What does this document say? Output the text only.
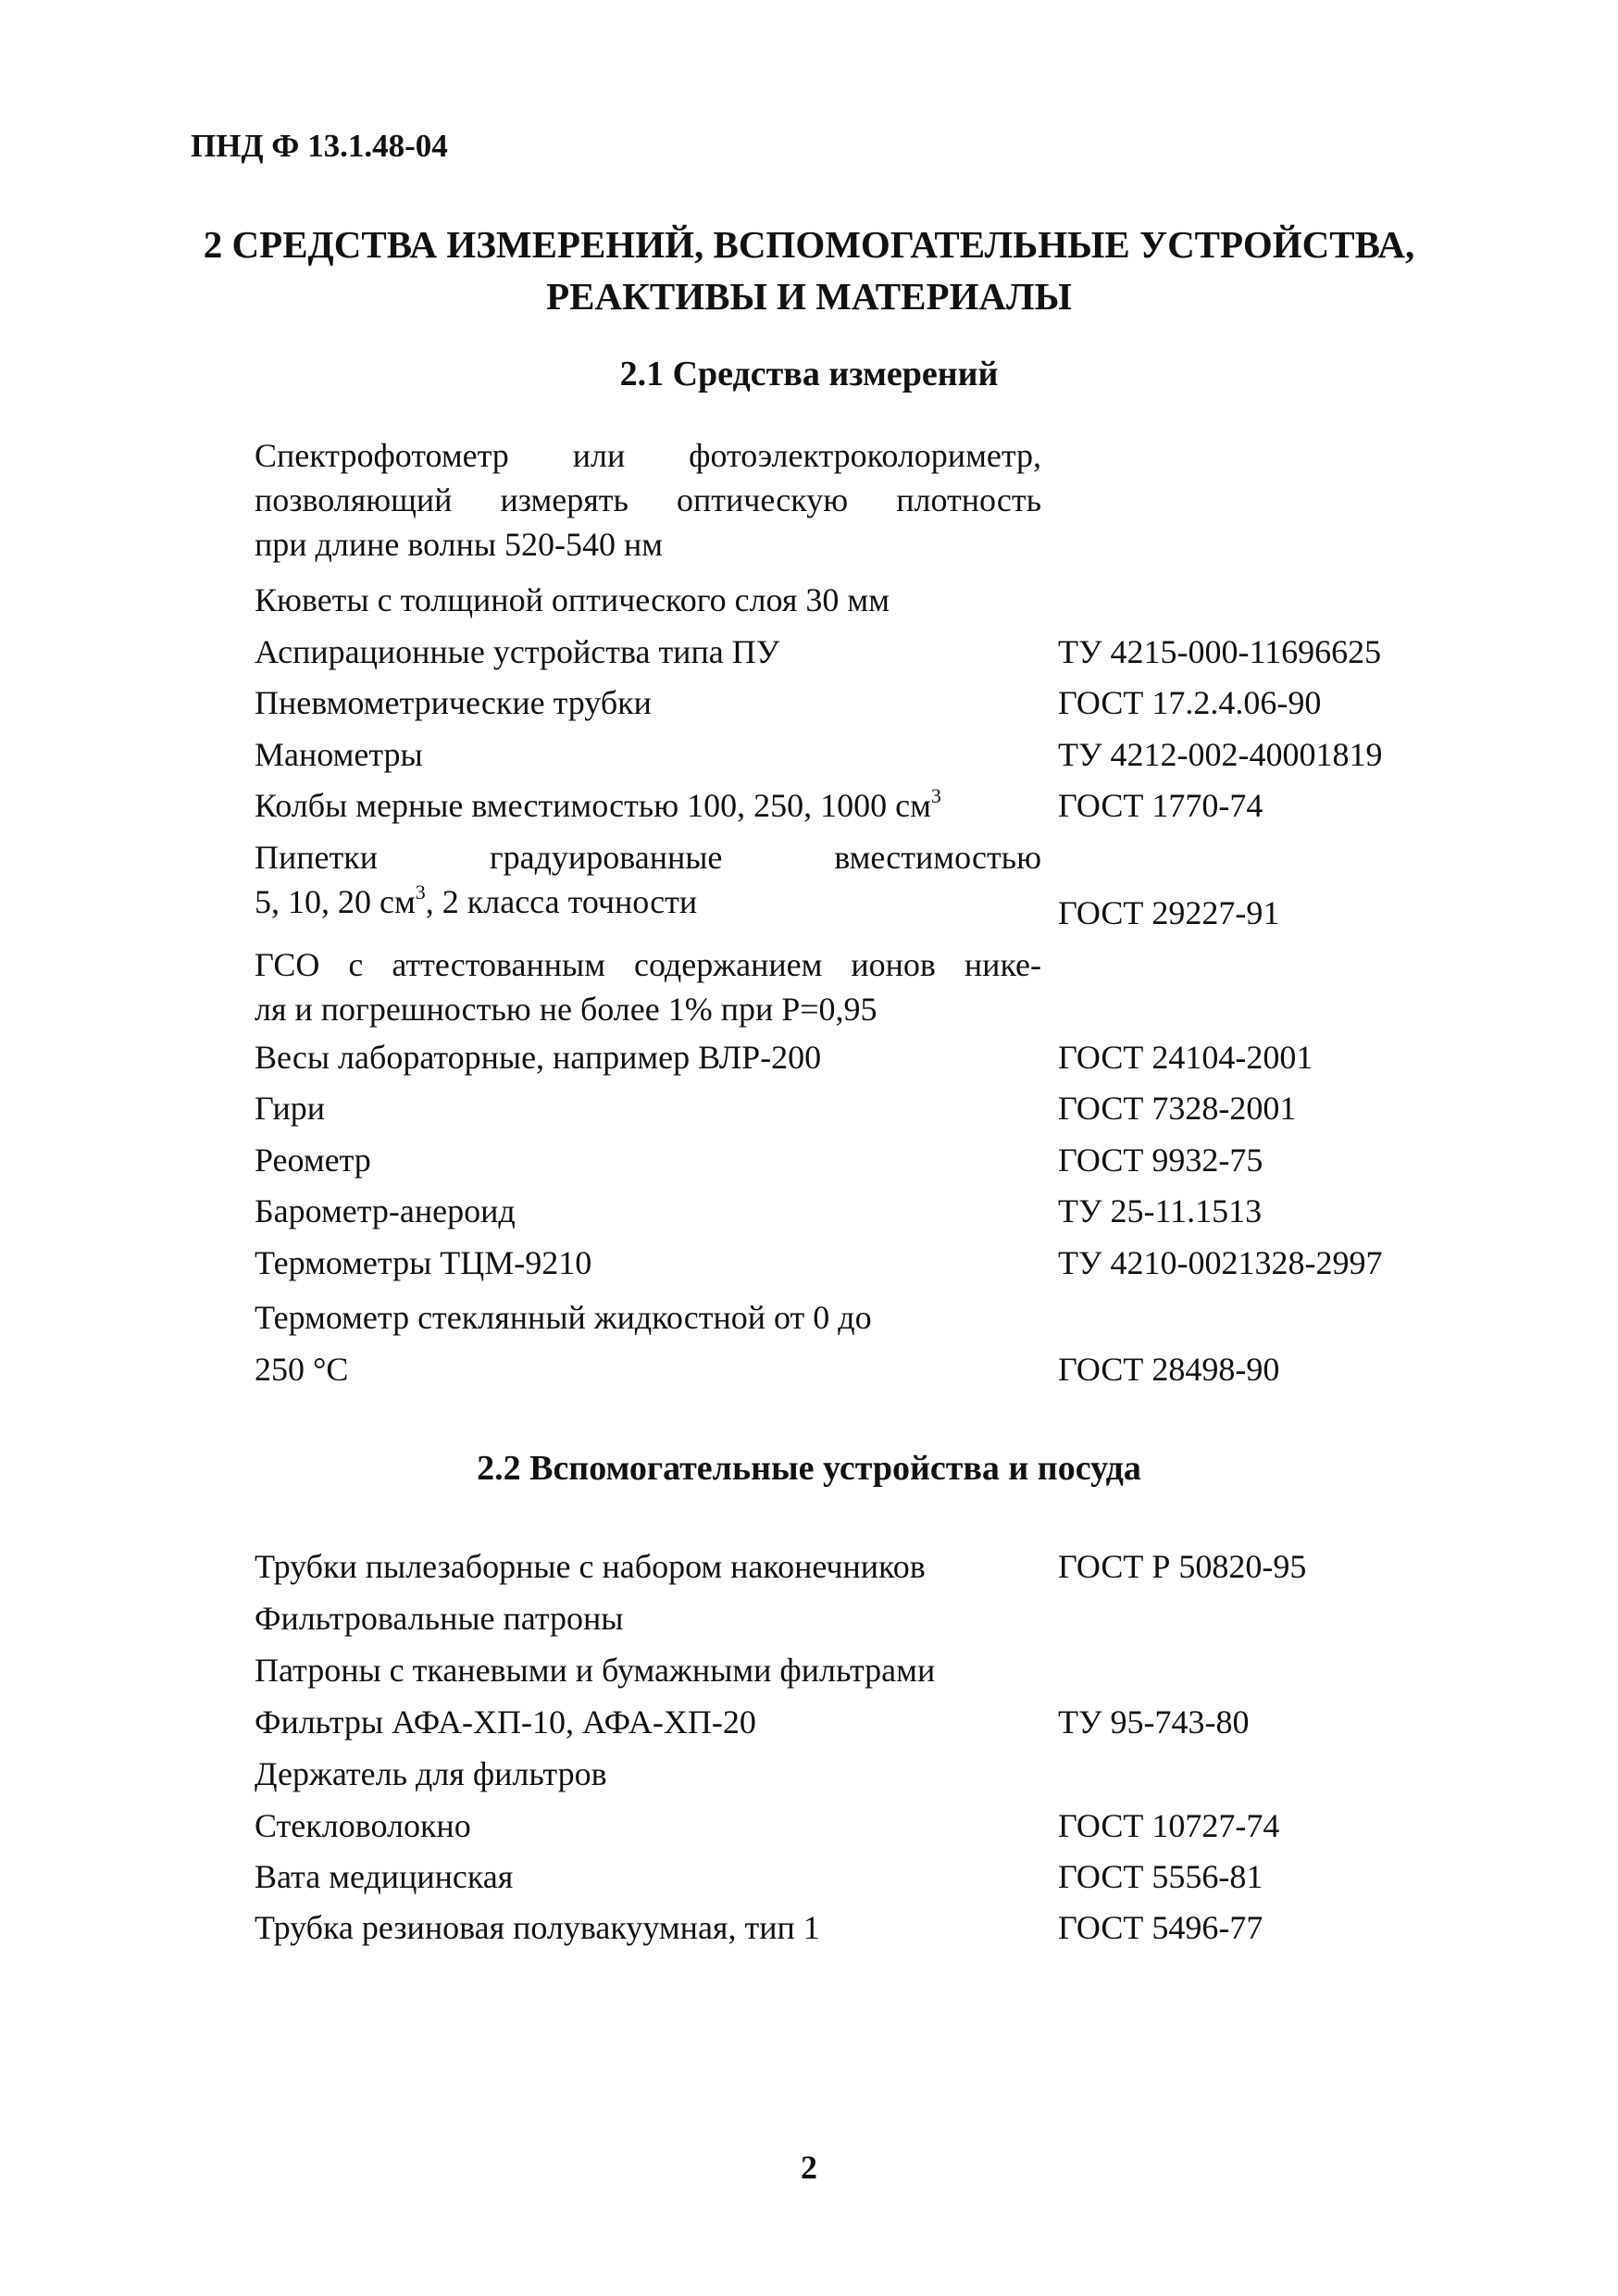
ПНД Ф 13.1.48-04
2 СРЕДСТВА ИЗМЕРЕНИЙ, ВСПОМОГАТЕЛЬНЫЕ УСТРОЙСТВА,
РЕАКТИВЫ И МАТЕРИАЛЫ
2.1 Средства измерений
Спектрофотометр или фотоэлектроколориметр,
позволяющий измерять оптическую плотность
при длине волны 520-540 нм
Кюветы с толщиной оптического слоя 30 мм
Аспирационные устройства типа ПУ	ТУ 4215-000-11696625
Пневмометрические трубки	ГОСТ 17.2.4.06-90
Манометры	ТУ 4212-002-40001819
Колбы мерные вместимостью 100, 250, 1000 $см^3$	ГОСТ 1770-74
Пипетки градуированные вместимостью
5, 10, 20 $см^3$, 2 класса точности	ГОСТ 29227-91
ГСО с аттестованным содержанием ионов нике-
ля и погрешностью не более 1% при Р=0,95
Весы лабораторные, например ВЛР-200	ГОСТ 24104-2001
Гири	ГОСТ 7328-2001
Реометр	ГОСТ 9932-75
Барометр-анероид	ТУ 25-11.1513
Термометры ТЦМ-9210	ТУ 4210-0021328-2997
Термометр стеклянный жидкостной от 0 до
250 °С	ГОСТ 28498-90
2.2 Вспомогательные устройства и посуда
Трубки пылезаборные с набором наконечников	ГОСТ Р 50820-95
Фильтровальные патроны
Патроны с тканевыми и бумажными фильтрами
Фильтры АФА-ХП-10, АФА-ХП-20	ТУ 95-743-80
Держатель для фильтров
Стекловолокно	ГОСТ 10727-74
Вата медицинская	ГОСТ 5556-81
Трубка резиновая полувакуумная, тип 1	ГОСТ 5496-77
2
